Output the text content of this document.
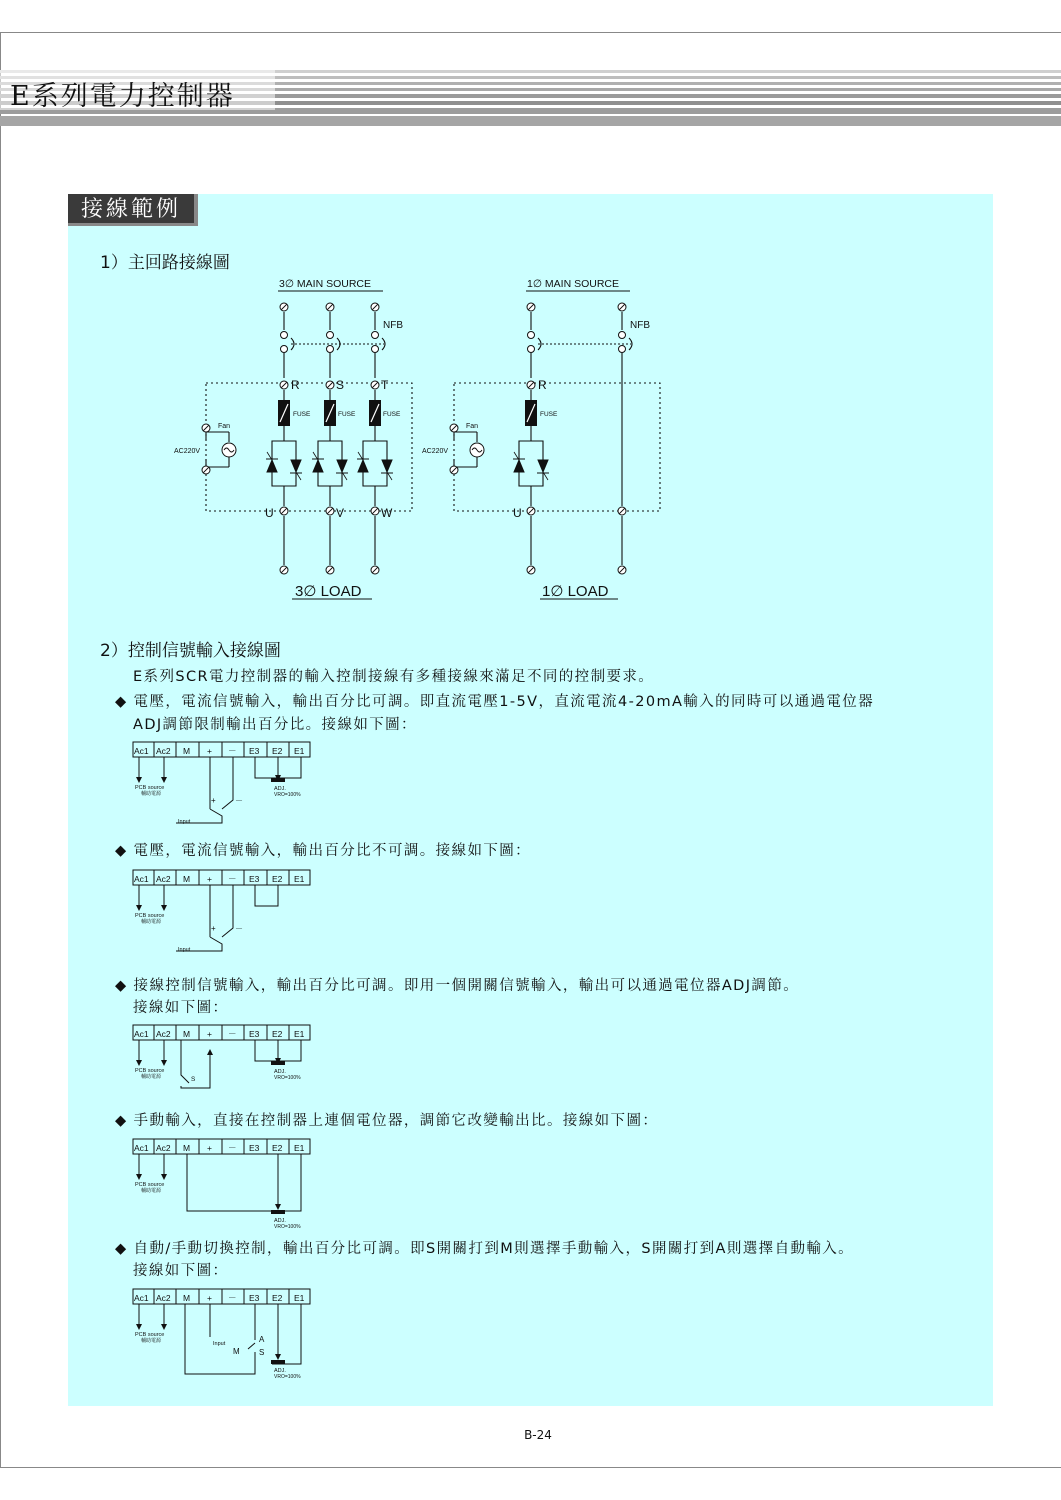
E系列電力控制器
接線範例
1）主回路接線圖
3∅ MAIN SOURCE
NFB
R	S	T
U	V	W
FUSE	FUSE	FUSE
Fan
AC220V
3∅ LOAD
1∅ MAIN SOURCE
NFB
R
U
FUSE
Fan
AC220V
1∅ LOAD
2）控制信號輸入接線圖
E系列SCR電力控制器的輸入控制接線有多種接線來滿足不同的控制要求。
◆ 電壓，電流信號輸入，輸出百分比可調。即直流電壓1-5V，直流電流4-20mA輸入的同時可以通過電位器
ADJ調節限制輸出百分比。接線如下圖：
◆ 電壓，電流信號輸入，輸出百分比不可調。接線如下圖：
◆ 接線控制信號輸入，輸出百分比可調。即用一個開關信號輸入，輸出可以通過電位器ADJ調節。
接線如下圖：
◆ 手動輸入，直接在控制器上連個電位器，調節它改變輸出比。接線如下圖：
◆ 自動/手動切換控制，輸出百分比可調。即S開關打到M則選擇手動輸入，S開關打到A則選擇自動輸入。
接線如下圖：
Ac1 Ac2 M + － E3 E2 E1
PCB source
輔助電源
+ －
Input
ADJ.
VRO=100%
Ac1 Ac2 M + － E3 E2 E1
PCB source
輔助電源
+ －
Input
Ac1 Ac2 M + － E3 E2 E1
PCB source
輔助電源	S
ADJ.
VRO=100%
Ac1 Ac2 M + － E3 E2 E1
PCB source
輔助電源
ADJ.
VRO=100%
Ac1 Ac2 M + － E3 E2 E1
PCB source
輔助電源	Input	A
M S
ADJ.
VRO=100%
B-24
